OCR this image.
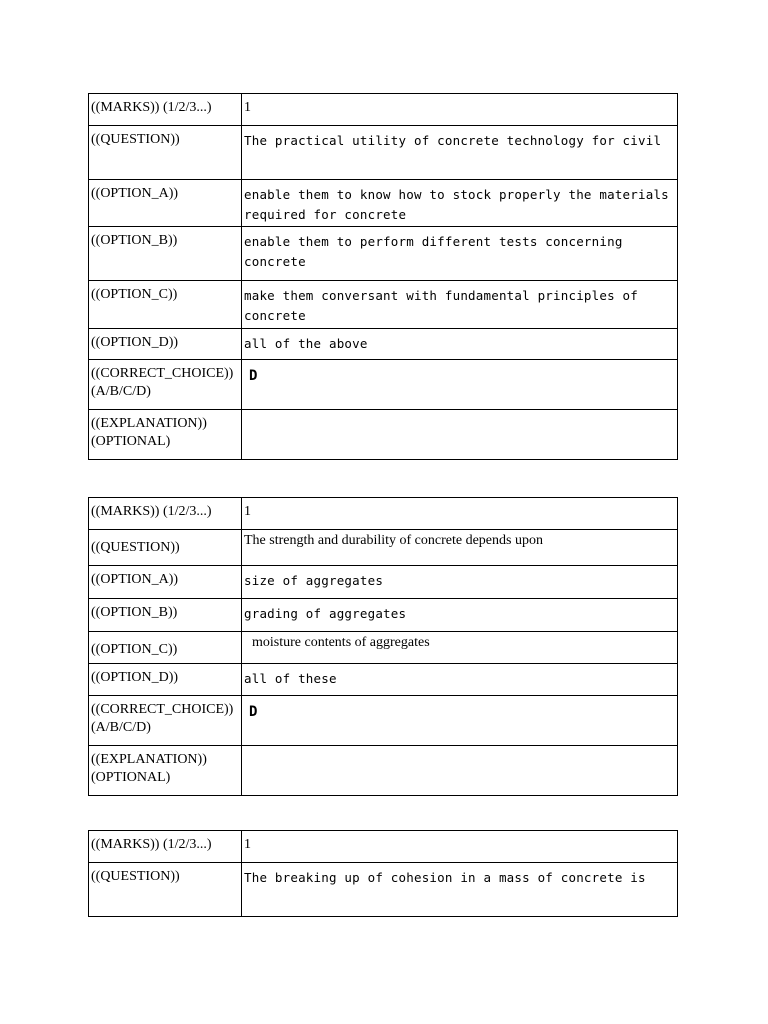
((MARKS)) (1/2/3...)	1

((QUESTION))	The practical utility of concrete technology for civil

((OPTION_A))	enable them to know how to stock properly the materials required for concrete

((OPTION_B))	enable them to perform different tests concerning concrete

((OPTION_C))	make them conversant with fundamental principles of concrete

((OPTION_D))	all of the above

((CORRECT_CHOICE))
(A/B/C/D)	D

((EXPLANATION))
(OPTIONAL)	
((MARKS)) (1/2/3...)	1

((QUESTION))	The strength and durability of concrete depends upon

((OPTION_A))	size of aggregates

((OPTION_B))	grading of aggregates

((OPTION_C))	moisture contents of aggregates

((OPTION_D))	all of these

((CORRECT_CHOICE))
(A/B/C/D)	D

((EXPLANATION))
(OPTIONAL)	
((MARKS)) (1/2/3...)	1

((QUESTION))	The breaking up of cohesion in a mass of concrete is
